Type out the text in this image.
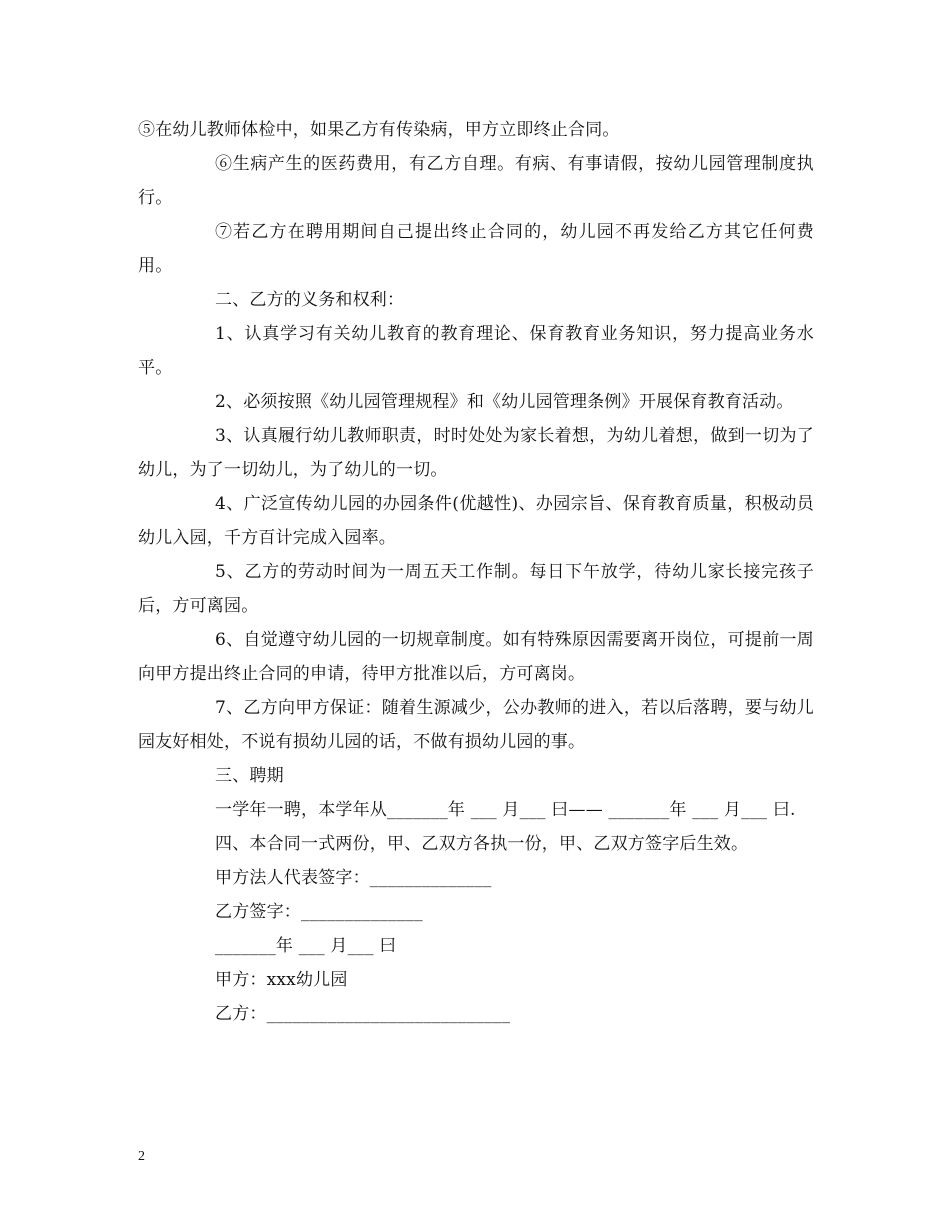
⑤在幼儿教师体检中，如果乙方有传染病，甲方立即终止合同。

⑥生病产生的医药费用，有乙方自理。有病、有事请假，按幼儿园管理制度执行。

⑦若乙方在聘用期间自己提出终止合同的，幼儿园不再发给乙方其它任何费用。

二、乙方的义务和权利：

1、认真学习有关幼儿教育的教育理论、保育教育业务知识，努力提高业务水平。

2、必须按照《幼儿园管理规程》和《幼儿园管理条例》开展保育教育活动。

3、认真履行幼儿教师职责，时时处处为家长着想，为幼儿着想，做到一切为了幼儿，为了一切幼儿，为了幼儿的一切。

4、广泛宣传幼儿园的办园条件(优越性)、办园宗旨、保育教育质量，积极动员幼儿入园，千方百计完成入园率。

5、乙方的劳动时间为一周五天工作制。每日下午放学，待幼儿家长接完孩子后，方可离园。

6、自觉遵守幼儿园的一切规章制度。如有特殊原因需要离开岗位，可提前一周向甲方提出终止合同的申请，待甲方批准以后，方可离岗。

7、乙方向甲方保证：随着生源减少，公办教师的进入，若以后落聘，要与幼儿园友好相处，不说有损幼儿园的话，不做有损幼儿园的事。

三、聘期

一学年一聘，本学年从_______年 ___ 月___ 曰—— _______年 ___ 月___ 曰.

四、本合同一式两份，甲、乙双方各执一份，甲、乙双方签字后生效。

甲方法人代表签字：______________

乙方签字：______________

_______年 ___ 月___ 曰

甲方：xxx幼儿园

乙方：____________________________

2
